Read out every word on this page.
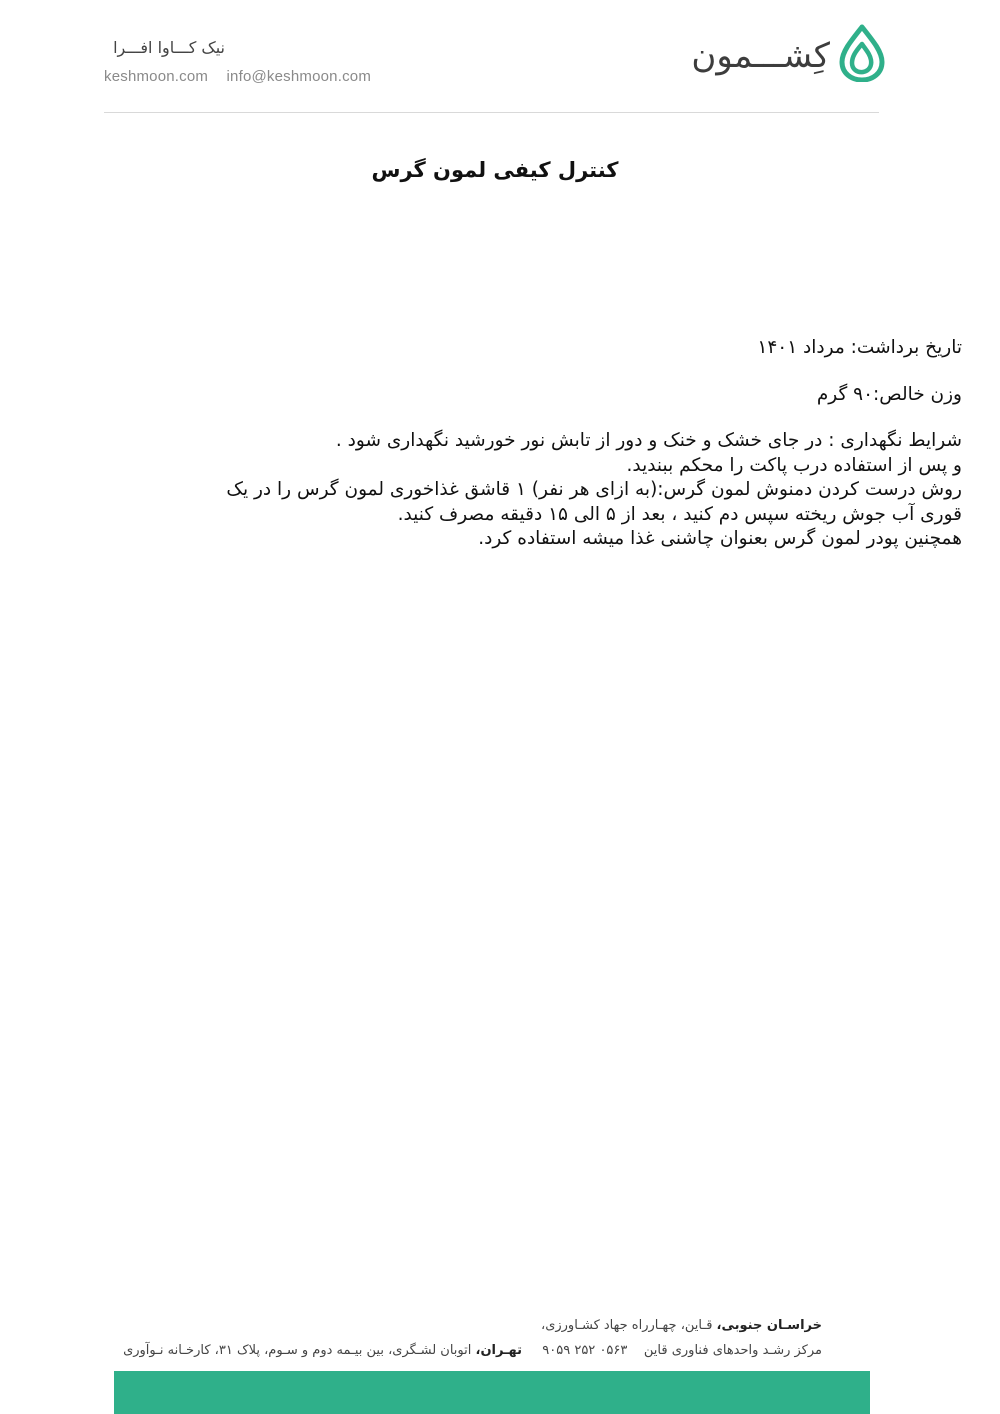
نیک کـــاوا افـــرا
keshmoon.com info@keshmoon.com
کِشـــمون
کنترل کیفی لمون گرس

تاریخ برداشت: مرداد ۱۴۰۱

وزن خالص:۹۰ گرم

شرایط نگهداری : در جای خشک و خنک و دور از تابش نور خورشید نگهداری شود .

و پس از استفاده درب پاکت را محکم ببندید.

روش درست کردن دمنوش لمون گرس:(به ازای هر نفر) ۱ قاشق غذاخوری لمون گرس را در یک

قوری آب جوش ریخته سپس دم کنید ، بعد از ۵ الی ۱۵ دقیقه مصرف کنید.

همچنین پودر لمون گرس بعنوان چاشنی غذا میشه استفاده کرد.

خراسـان جنوبی، قـاین، چهـارراه جهاد کشـاورزی،
مرکز رشـد واحدهای فناوری قاین    ۰۵۶۳ ۲۵۲ ۹۰۵۹
تهـران، اتوبان لشـگری، بین بیـمه دوم و سـوم، پلاک ۳۱، کارخـانه نـوآوری
